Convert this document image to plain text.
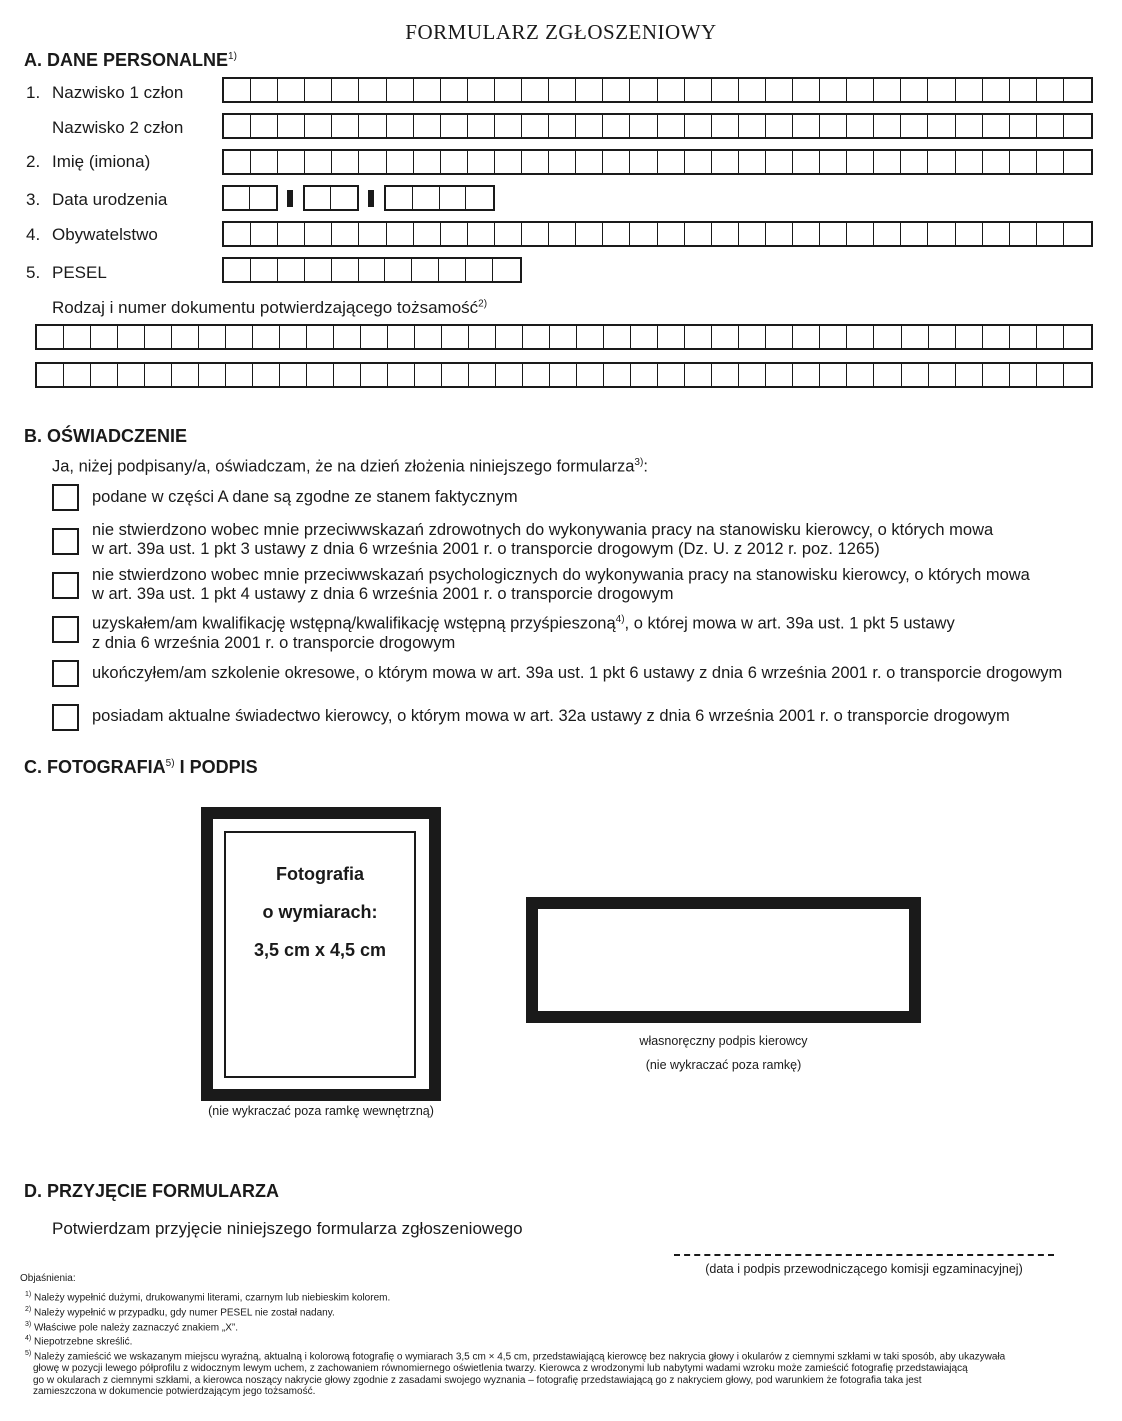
FORMULARZ ZGŁOSZENIOWY
A. DANE PERSONALNE$^{1)}$
1. Nazwisko 1 człon
Nazwisko 2 człon
2. Imię (imiona)
3. Data urodzenia
4. Obywatelstwo
5. PESEL
Rodzaj i numer dokumentu potwierdzającego tożsamość$^{2)}$
B. OŚWIADCZENIE
Ja, niżej podpisany/a, oświadczam, że na dzień złożenia niniejszego formularza$^{3)}$:
podane w części A dane są zgodne ze stanem faktycznym
nie stwierdzono wobec mnie przeciwwskazań zdrowotnych do wykonywania pracy na stanowisku kierowcy, o których mowa
w art. 39a ust. 1 pkt 3 ustawy z dnia 6 września 2001 r. o transporcie drogowym (Dz. U. z 2012 r. poz. 1265)
nie stwierdzono wobec mnie przeciwwskazań psychologicznych do wykonywania pracy na stanowisku kierowcy, o których mowa
w art. 39a ust. 1 pkt 4 ustawy z dnia 6 września 2001 r. o transporcie drogowym
uzyskałem/am kwalifikację wstępną/kwalifikację wstępną przyśpieszoną$^{4)}$, o której mowa w art. 39a ust. 1 pkt 5 ustawy
z dnia 6 września 2001 r. o transporcie drogowym
ukończyłem/am szkolenie okresowe, o którym mowa w art. 39a ust. 1 pkt 6 ustawy z dnia 6 września 2001 r. o transporcie drogowym
posiadam aktualne świadectwo kierowcy, o którym mowa w art. 32a ustawy z dnia 6 września 2001 r. o transporcie drogowym
C. FOTOGRAFIA$^{5)}$ I PODPIS
Fotografia
o wymiarach:
3,5 cm x 4,5 cm
(nie wykraczać poza ramkę wewnętrzną)
własnoręczny podpis kierowcy
(nie wykraczać poza ramkę)
D. PRZYJĘCIE FORMULARZA
Potwierdzam przyjęcie niniejszego formularza zgłoszeniowego
(data i podpis przewodniczącego komisji egzaminacyjnej)
Objaśnienia:
$^{1)}$ Należy wypełnić dużymi, drukowanymi literami, czarnym lub niebieskim kolorem.
$^{2)}$ Należy wypełnić w przypadku, gdy numer PESEL nie został nadany.
$^{3)}$ Właściwe pole należy zaznaczyć znakiem „X”.
$^{4)}$ Niepotrzebne skreślić.
$^{5)}$ Należy zamieścić we wskazanym miejscu wyraźną, aktualną i kolorową fotografię o wymiarach 3,5 cm × 4,5 cm, przedstawiającą kierowcę bez nakrycia głowy i okularów z ciemnymi szkłami w taki sposób, aby ukazywała
głowę w pozycji lewego półprofilu z widocznym lewym uchem, z zachowaniem równomiernego oświetlenia twarzy. Kierowca z wrodzonymi lub nabytymi wadami wzroku może zamieścić fotografię przedstawiającą
go w okularach z ciemnymi szkłami, a kierowca noszący nakrycie głowy zgodnie z zasadami swojego wyznania – fotografię przedstawiającą go z nakryciem głowy, pod warunkiem że fotografia taka jest
zamieszczona w dokumencie potwierdzającym jego tożsamość.
